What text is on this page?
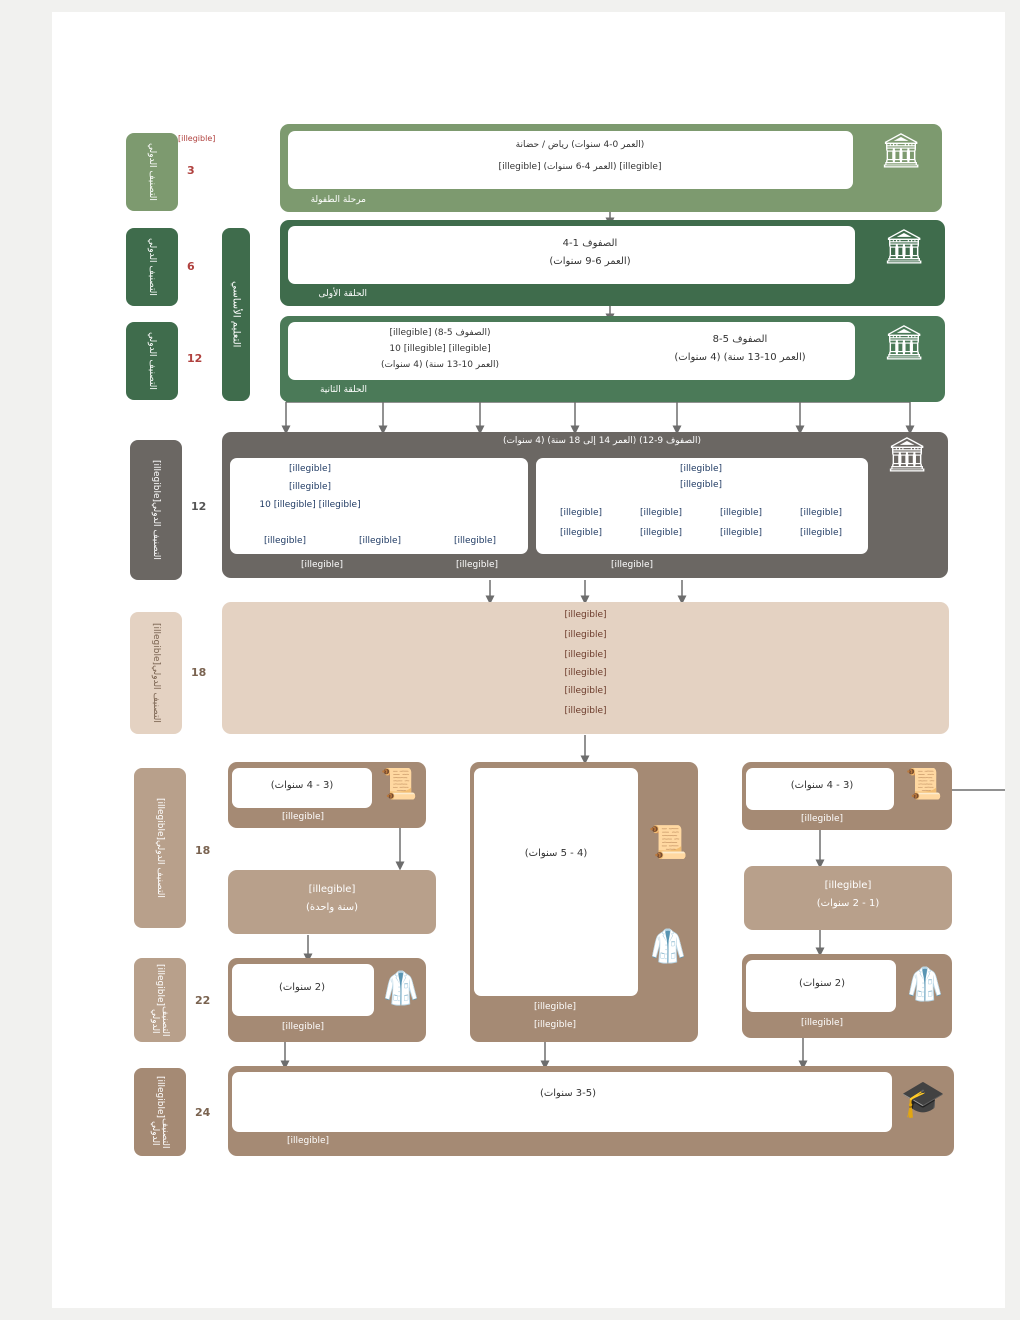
التصنيف الدولي	3
[illegible]
التصنيف الدولي	6
التصنيف الدولي	12
التعليم الأساسي
التصنيف الدولي
[illegible]	12
التصنيف الدولي
[illegible]
18
التصنيف الدولي
[illegible]
18
التصنيف الدولي
[illegible]	22
التصنيف الدولي
[illegible]	24
(العمر 0-4 سنوات) رياض / حضانة
[illegible] (العمر 4-6 سنوات) [illegible]
مرحلة الطفولة
🏛
الصفوف 1-4
(العمر 6-9 سنوات)
الحلقة الأولى
🏛
الصفوف 5-8
(العمر 10-13 سنة) (4 سنوات)
(الصفوف 5-8) [illegible]
[illegible] 10 [illegible]
(العمر 10-13 سنة) (4 سنوات)
الحلقة الثانية
🏛
(الصفوف 9-12) (العمر 14 إلى 18 سنة) (4 سنوات)	🏛
[illegible]
[illegible]
[illegible]
[illegible]
[illegible]
[illegible]
[illegible]
[illegible]
[illegible]
[illegible]
[illegible]
[illegible]
[illegible] 10 [illegible]
[illegible]
[illegible]
[illegible]
[illegible]
[illegible]
[illegible]
[illegible]
[illegible]
[illegible]
[illegible]
[illegible]
[illegible]
(3 - 4 سنوات)
[illegible]
📜
[illegible]
(1 - 2 سنوات)
(2 سنوات)
[illegible]
🥼
(4 - 5 سنوات)
[illegible]
[illegible]
📜
🥼
(3 - 4 سنوات)
[illegible]
📜
[illegible]
(سنة واحدة)
(2 سنوات)
[illegible]
🥼
(3-5 سنوات)
[illegible]
🎓
